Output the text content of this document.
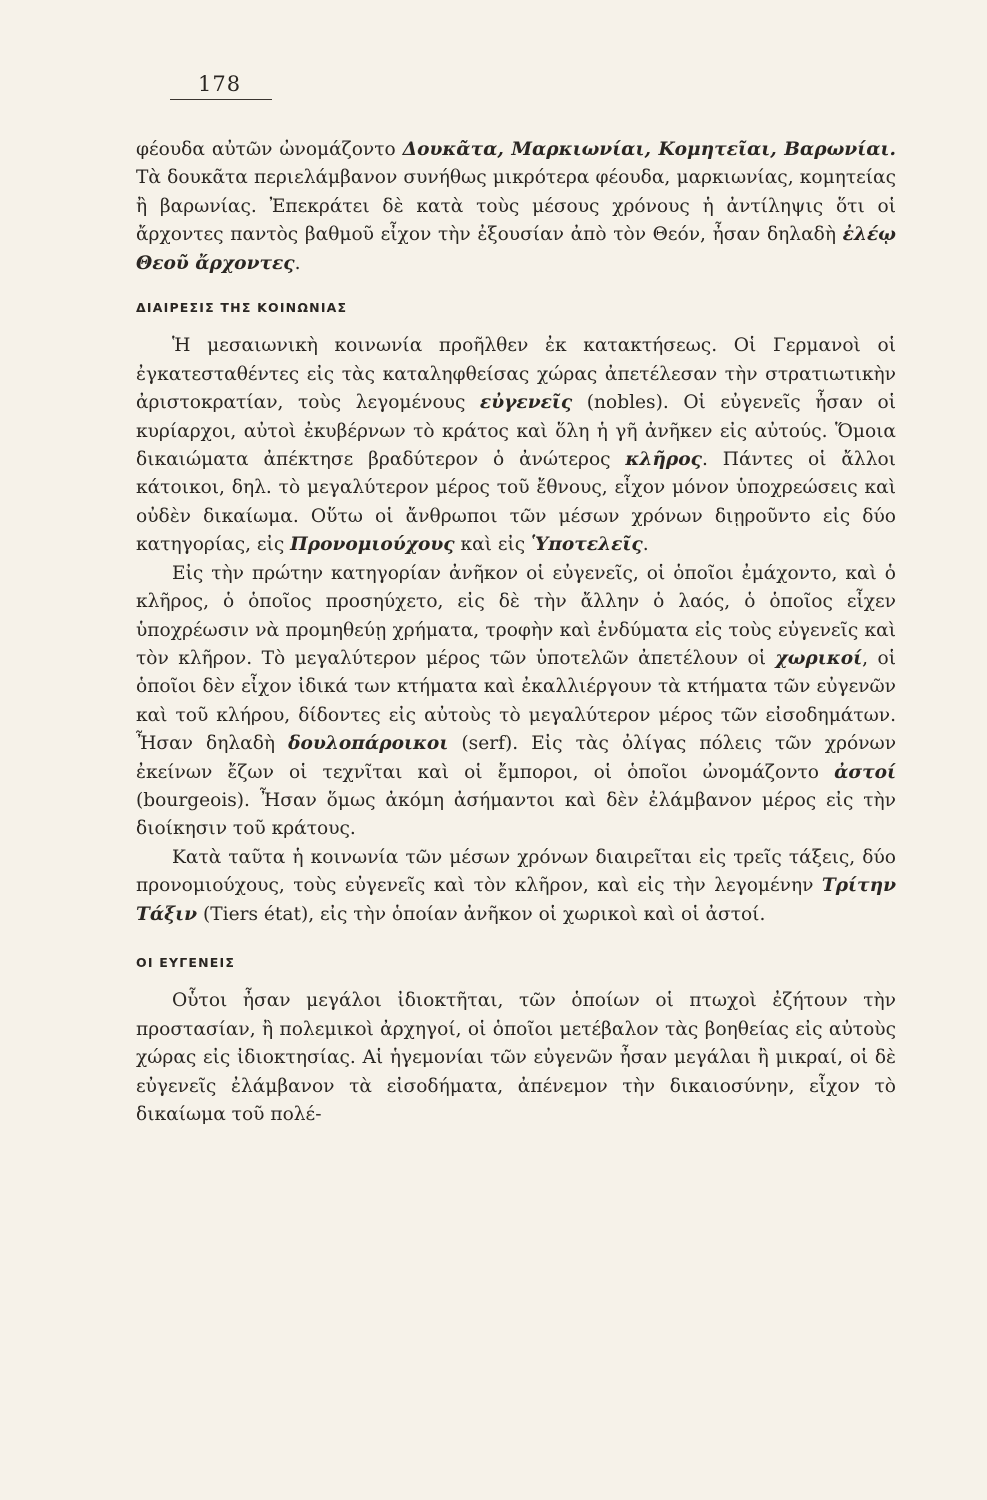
178

φέουδα αὐτῶν ὠνομάζοντο Δουκᾶτα, Μαρκιωνίαι, Κομητεῖαι, Βαρωνίαι. Τὰ δουκᾶτα περιελάμβανον συνήθως μικρότερα φέουδα, μαρκιωνίας, κομητείας ἢ βαρωνίας. Ἐπεκράτει δὲ κατὰ τοὺς μέσους χρόνους ἡ ἀντίληψις ὅτι οἱ ἄρχοντες παντὸς βαθμοῦ εἶχον τὴν ἐξουσίαν ἀπὸ τὸν Θεόν, ἦσαν δηλαδὴ ἐλέῳ Θεοῦ ἄρχοντες.

ΔΙΑΙΡΕΣΙΣ ΤΗΣ ΚΟΙΝΩΝΙΑΣ

Ἡ μεσαιωνικὴ κοινωνία προῆλθεν ἐκ κατακτήσεως. Οἱ Γερμανοὶ οἱ ἐγκατεσταθέντες εἰς τὰς καταληφθείσας χώρας ἀπετέλεσαν τὴν στρατιωτικὴν ἀριστοκρατίαν, τοὺς λεγομένους εὐγενεῖς (nobles). Οἱ εὐγενεῖς ἦσαν οἱ κυρίαρχοι, αὐτοὶ ἐκυβέρνων τὸ κράτος καὶ ὅλη ἡ γῆ ἀνῆκεν εἰς αὐτούς. Ὅμοια δικαιώματα ἀπέκτησε βραδύτερον ὁ ἀνώτερος κλῆρος. Πάντες οἱ ἄλλοι κάτοικοι, δηλ. τὸ μεγαλύτερον μέρος τοῦ ἔθνους, εἶχον μόνον ὑποχρεώσεις καὶ οὐδὲν δικαίωμα. Οὕτω οἱ ἄνθρωποι τῶν μέσων χρόνων διῃροῦντο εἰς δύο κατηγορίας, εἰς Προνομιούχους καὶ εἰς Ὑποτελεῖς.

Εἰς τὴν πρώτην κατηγορίαν ἀνῆκον οἱ εὐγενεῖς, οἱ ὁποῖοι ἐμάχοντο, καὶ ὁ κλῆρος, ὁ ὁποῖος προσηύχετο, εἰς δὲ τὴν ἄλλην ὁ λαός, ὁ ὁποῖος εἶχεν ὑποχρέωσιν νὰ προμηθεύῃ χρήματα, τροφὴν καὶ ἐνδύματα εἰς τοὺς εὐγενεῖς καὶ τὸν κλῆρον. Τὸ μεγαλύτερον μέρος τῶν ὑποτελῶν ἀπετέλουν οἱ χωρικοί, οἱ ὁποῖοι δὲν εἶχον ἰδικά των κτήματα καὶ ἐκαλλιέργουν τὰ κτήματα τῶν εὐγενῶν καὶ τοῦ κλήρου, δίδοντες εἰς αὐτοὺς τὸ μεγαλύτερον μέρος τῶν εἰσοδημάτων. Ἦσαν δηλαδὴ δουλοπάροικοι (serf). Εἰς τὰς ὀλίγας πόλεις τῶν χρόνων ἐκείνων ἔζων οἱ τεχνῖται καὶ οἱ ἔμποροι, οἱ ὁποῖοι ὠνομάζοντο ἀστοί (bourgeois). Ἦσαν ὅμως ἀκόμη ἀσήμαντοι καὶ δὲν ἐλάμβανον μέρος εἰς τὴν διοίκησιν τοῦ κράτους.

Κατὰ ταῦτα ἡ κοινωνία τῶν μέσων χρόνων διαιρεῖται εἰς τρεῖς τάξεις, δύο προνομιούχους, τοὺς εὐγενεῖς καὶ τὸν κλῆρον, καὶ εἰς τὴν λεγομένην Τρίτην Τάξιν (Tiers état), εἰς τὴν ὁποίαν ἀνῆκον οἱ χωρικοὶ καὶ οἱ ἀστοί.

ΟΙ ΕΥΓΕΝΕΙΣ

Οὗτοι ἦσαν μεγάλοι ἰδιοκτῆται, τῶν ὁποίων οἱ πτωχοὶ ἐζήτουν τὴν προστασίαν, ἢ πολεμικοὶ ἀρχηγοί, οἱ ὁποῖοι μετέβαλον τὰς βοηθείας εἰς αὐτοὺς χώρας εἰς ἰδιοκτησίας. Αἱ ἡγεμονίαι τῶν εὐγενῶν ἦσαν μεγάλαι ἢ μικραί, οἱ δὲ εὐγενεῖς ἐλάμβανον τὰ εἰσοδήματα, ἀπένεμον τὴν δικαιοσύνην, εἶχον τὸ δικαίωμα τοῦ πολέ-
